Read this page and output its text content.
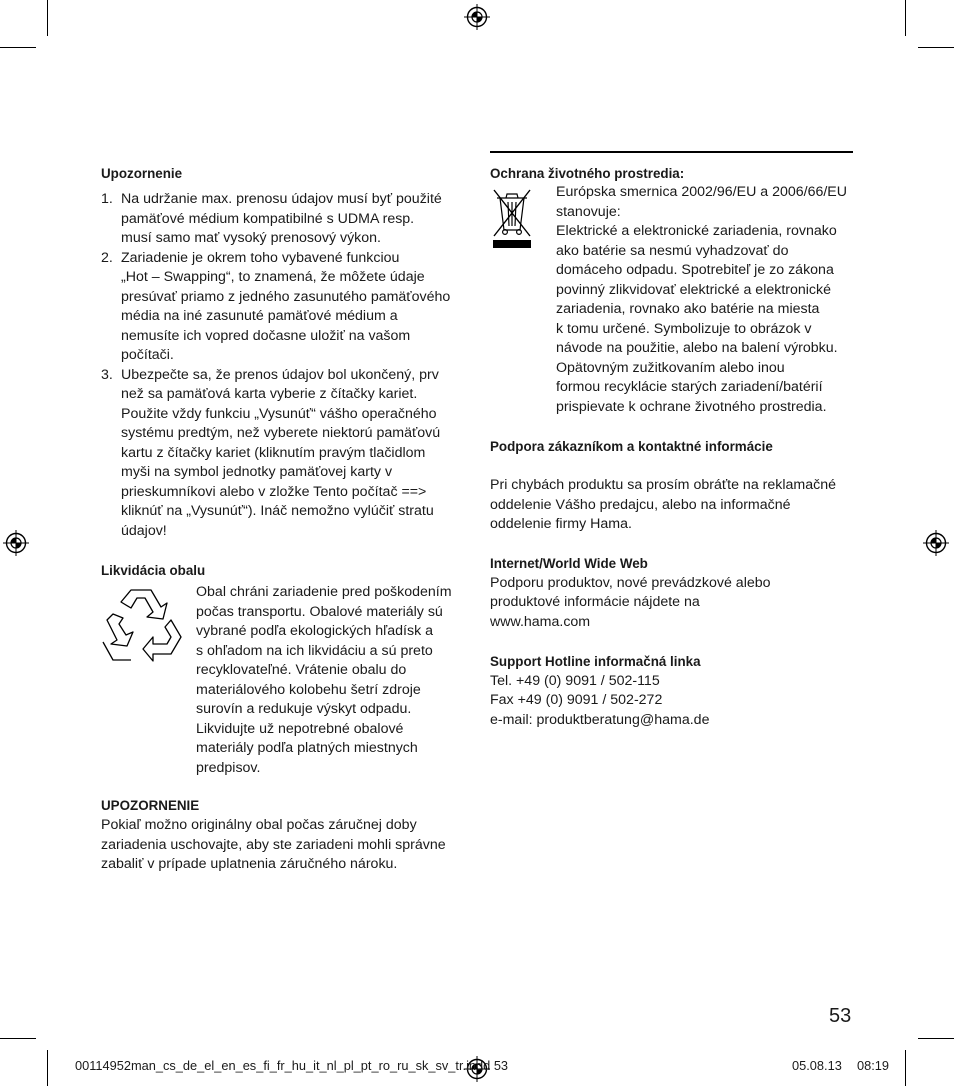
Upozornenie
1. Na udržanie max. prenosu údajov musí byť použité
pamäťové médium kompatibilné s UDMA resp.
musí samo mať vysoký prenosový výkon.
2. Zariadenie je okrem toho vybavené funkciou
„Hot – Swapping“, to znamená, že môžete údaje
presúvať priamo z jedného zasunutého pamäťového
média na iné zasunuté pamäťové médium a
nemusíte ich vopred dočasne uložiť na vašom
počítači.
3. Ubezpečte sa, že prenos údajov bol ukončený, prv
než sa pamäťová karta vyberie z čítačky kariet.
Použite vždy funkciu „Vysunúť“ vášho operačného
systému predtým, než vyberete niektorú pamäťovú
kartu z čítačky kariet (kliknutím pravým tlačidlom
myši na symbol jednotky pamäťovej karty v
prieskumníkovi alebo v zložke Tento počítač ==>
kliknúť na „Vysunúť“). Ináč nemožno vylúčiť stratu
údajov!
Likvidácia obalu
Obal chráni zariadenie pred poškodením
počas transportu. Obalové materiály sú
vybrané podľa ekologických hľadísk a
s ohľadom na ich likvidáciu a sú preto
recyklovateľné. Vrátenie obalu do
materiálového kolobehu šetrí zdroje
surovín a redukuje výskyt odpadu.
Likvidujte už nepotrebné obalové
materiály podľa platných miestnych
predpisov.
UPOZORNENIE
Pokiaľ možno originálny obal počas záručnej doby
zariadenia uschovajte, aby ste zariadeni mohli správne
zabaliť v prípade uplatnenia záručného nároku.
Ochrana životného prostredia:
Európska smernica 2002/96/EU a 2006/66/EU
stanovuje:
Elektrické a elektronické zariadenia, rovnako
ako batérie sa nesmú vyhadzovať do
domáceho odpadu. Spotrebiteľ je zo zákona
povinný zlikvidovať elektrické a elektronické
zariadenia, rovnako ako batérie na miesta
k tomu určené. Symbolizuje to obrázok v
návode na použitie, alebo na balení výrobku.
Opätovným zužitkovaním alebo inou
formou recyklácie starých zariadení/batérií
prispievate k ochrane životného prostredia.
Podpora zákazníkom a kontaktné informácie
Pri chybách produktu sa prosím obráťte na reklamačné
oddelenie Vášho predajcu, alebo na informačné
oddelenie firmy Hama.
Internet/World Wide Web
Podporu produktov, nové prevádzkové alebo
produktové informácie nájdete na
www.hama.com
Support Hotline informačná linka
Tel. +49 (0) 9091 / 502-115
Fax +49 (0) 9091 / 502-272
e-mail: produktberatung@hama.de
53
00114952man_cs_de_el_en_es_fi_fr_hu_it_nl_pl_pt_ro_ru_sk_sv_tr.indd 53	05.08.13 08:19
